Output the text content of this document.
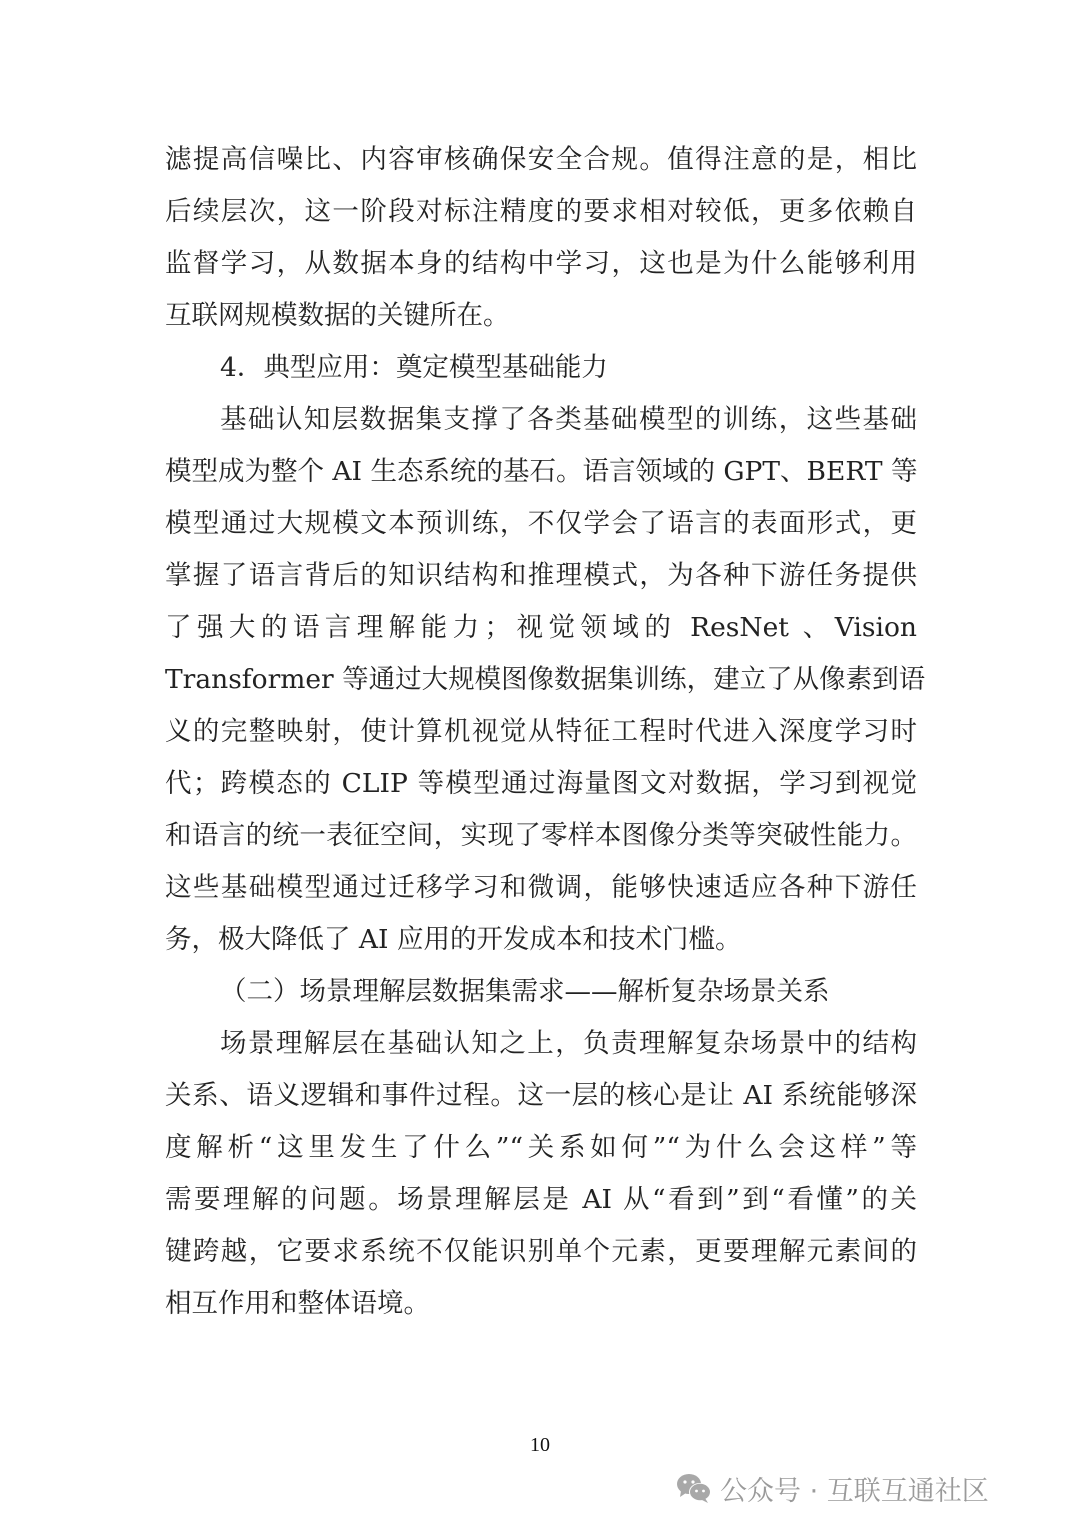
滤提高信噪比、内容审核确保安全合规。值得注意的是，相比
后续层次，这一阶段对标注精度的要求相对较低，更多依赖自
监督学习，从数据本身的结构中学习，这也是为什么能够利用
互联网规模数据的关键所在。
4．典型应用：奠定模型基础能力
基础认知层数据集支撑了各类基础模型的训练，这些基础
模型成为整个 AI 生态系统的基石。语言领域的 GPT、BERT 等
模型通过大规模文本预训练，不仅学会了语言的表面形式，更
掌握了语言背后的知识结构和推理模式，为各种下游任务提供
了强大的语言理解能力；视觉领域的 ResNet 、Vision
Transformer 等通过大规模图像数据集训练，建立了从像素到语
义的完整映射，使计算机视觉从特征工程时代进入深度学习时
代；跨模态的 CLIP 等模型通过海量图文对数据，学习到视觉
和语言的统一表征空间，实现了零样本图像分类等突破性能力。
这些基础模型通过迁移学习和微调，能够快速适应各种下游任
务，极大降低了 AI 应用的开发成本和技术门槛。
（二）场景理解层数据集需求——解析复杂场景关系
场景理解层在基础认知之上，负责理解复杂场景中的结构
关系、语义逻辑和事件过程。这一层的核心是让 AI 系统能够深
度解析“这里发生了什么”“关系如何”“为什么会这样”等
需要理解的问题。场景理解层是 AI 从“看到”到“看懂”的关
键跨越，它要求系统不仅能识别单个元素，更要理解元素间的
相互作用和整体语境。
10
公众号 · 互联互通社区
